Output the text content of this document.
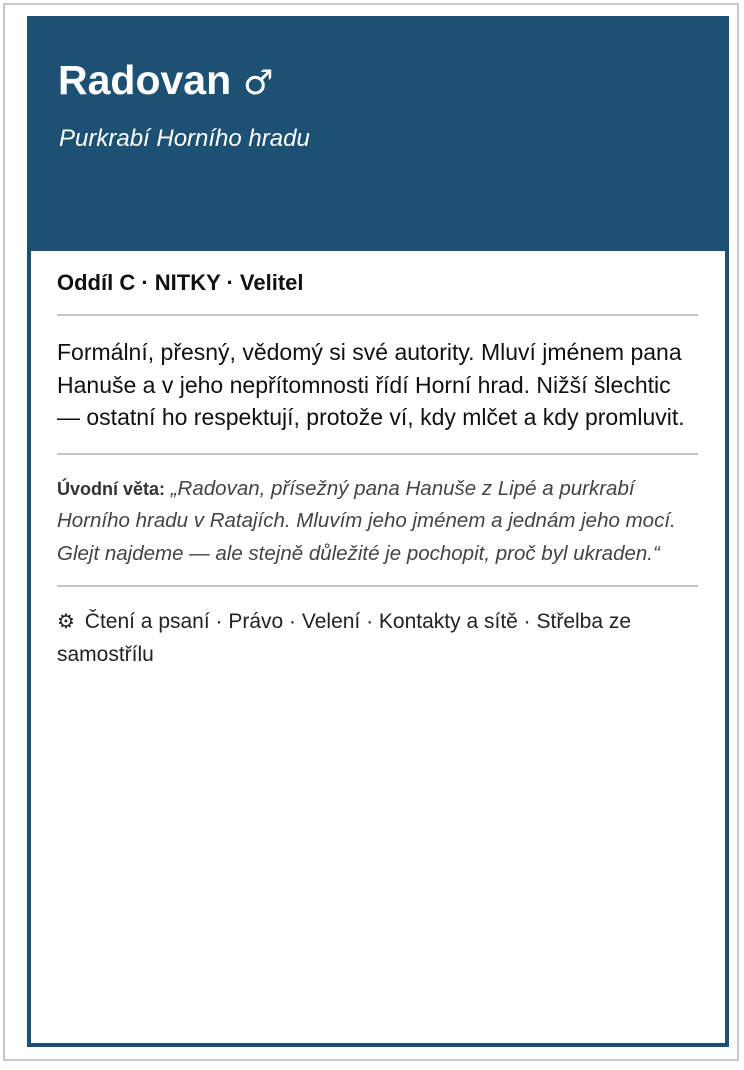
Radovan ♂
Purkrabí Horního hradu
Oddíl C · NITKY · Velitel
Formální, přesný, vědomý si své autority. Mluví jménem pana Hanuše a v jeho nepřítomnosti řídí Horní hrad. Nižší šlechtic — ostatní ho respektují, protože ví, kdy mlčet a kdy promluvit.
Úvodní věta: „Radovan, přísežný pana Hanuše z Lipé a purkrabí Horního hradu v Ratajích. Mluvím jeho jménem a jednám jeho mocí. Glejt najdeme — ale stejně důležité je pochopit, proč byl ukraden.“
⚙ Čtení a psaní · Právo · Velení · Kontakty a sítě · Střelba ze samostřílu
